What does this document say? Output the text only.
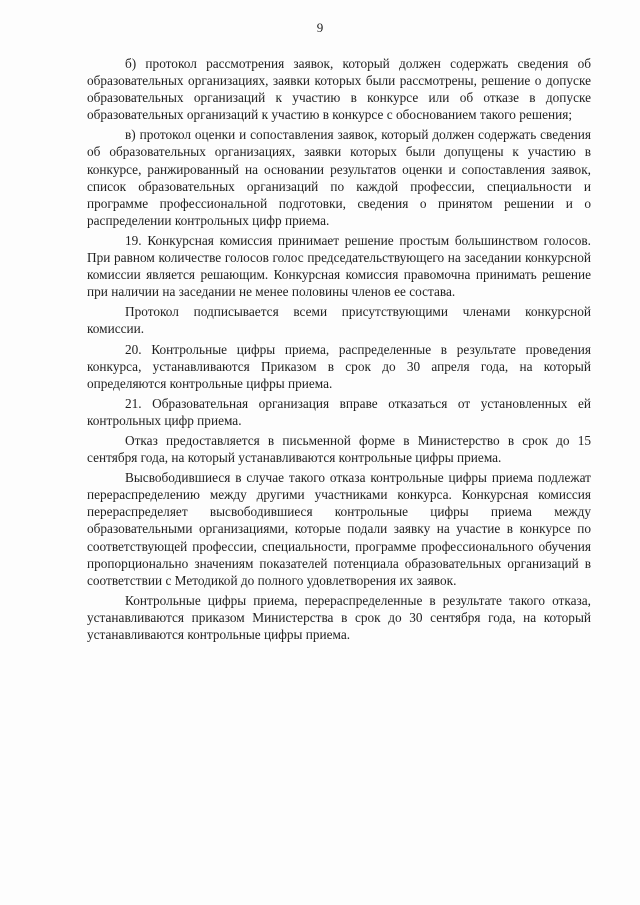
9

б) протокол рассмотрения заявок, который должен содержать сведения об образовательных организациях, заявки которых были рассмотрены, решение о допуске образовательных организаций к участию в конкурсе или об отказе в допуске образовательных организаций к участию в конкурсе с обоснованием такого решения;

в) протокол оценки и сопоставления заявок, который должен содержать сведения об образовательных организациях, заявки которых были допущены к участию в конкурсе, ранжированный на основании результатов оценки и сопоставления заявок, список образовательных организаций по каждой профессии, специальности и программе профессиональной подготовки, сведения о принятом решении и о распределении контрольных цифр приема.

19. Конкурсная комиссия принимает решение простым большинством голосов. При равном количестве голосов голос председательствующего на заседании конкурсной комиссии является решающим. Конкурсная комиссия правомочна принимать решение при наличии на заседании не менее половины членов ее состава.

Протокол подписывается всеми присутствующими членами конкурсной комиссии.

20. Контрольные цифры приема, распределенные в результате проведения конкурса, устанавливаются Приказом в срок до 30 апреля года, на который определяются контрольные цифры приема.

21. Образовательная организация вправе отказаться от установленных ей контрольных цифр приема.

Отказ предоставляется в письменной форме в Министерство в срок до 15 сентября года, на который устанавливаются контрольные цифры приема.

Высвободившиеся в случае такого отказа контрольные цифры приема подлежат перераспределению между другими участниками конкурса. Конкурсная комиссия перераспределяет высвободившиеся контрольные цифры приема между образовательными организациями, которые подали заявку на участие в конкурсе по соответствующей профессии, специальности, программе профессионального обучения пропорционально значениям показателей потенциала образовательных организаций в соответствии с Методикой до полного удовлетворения их заявок.

Контрольные цифры приема, перераспределенные в результате такого отказа, устанавливаются приказом Министерства в срок до 30 сентября года, на который устанавливаются контрольные цифры приема.
